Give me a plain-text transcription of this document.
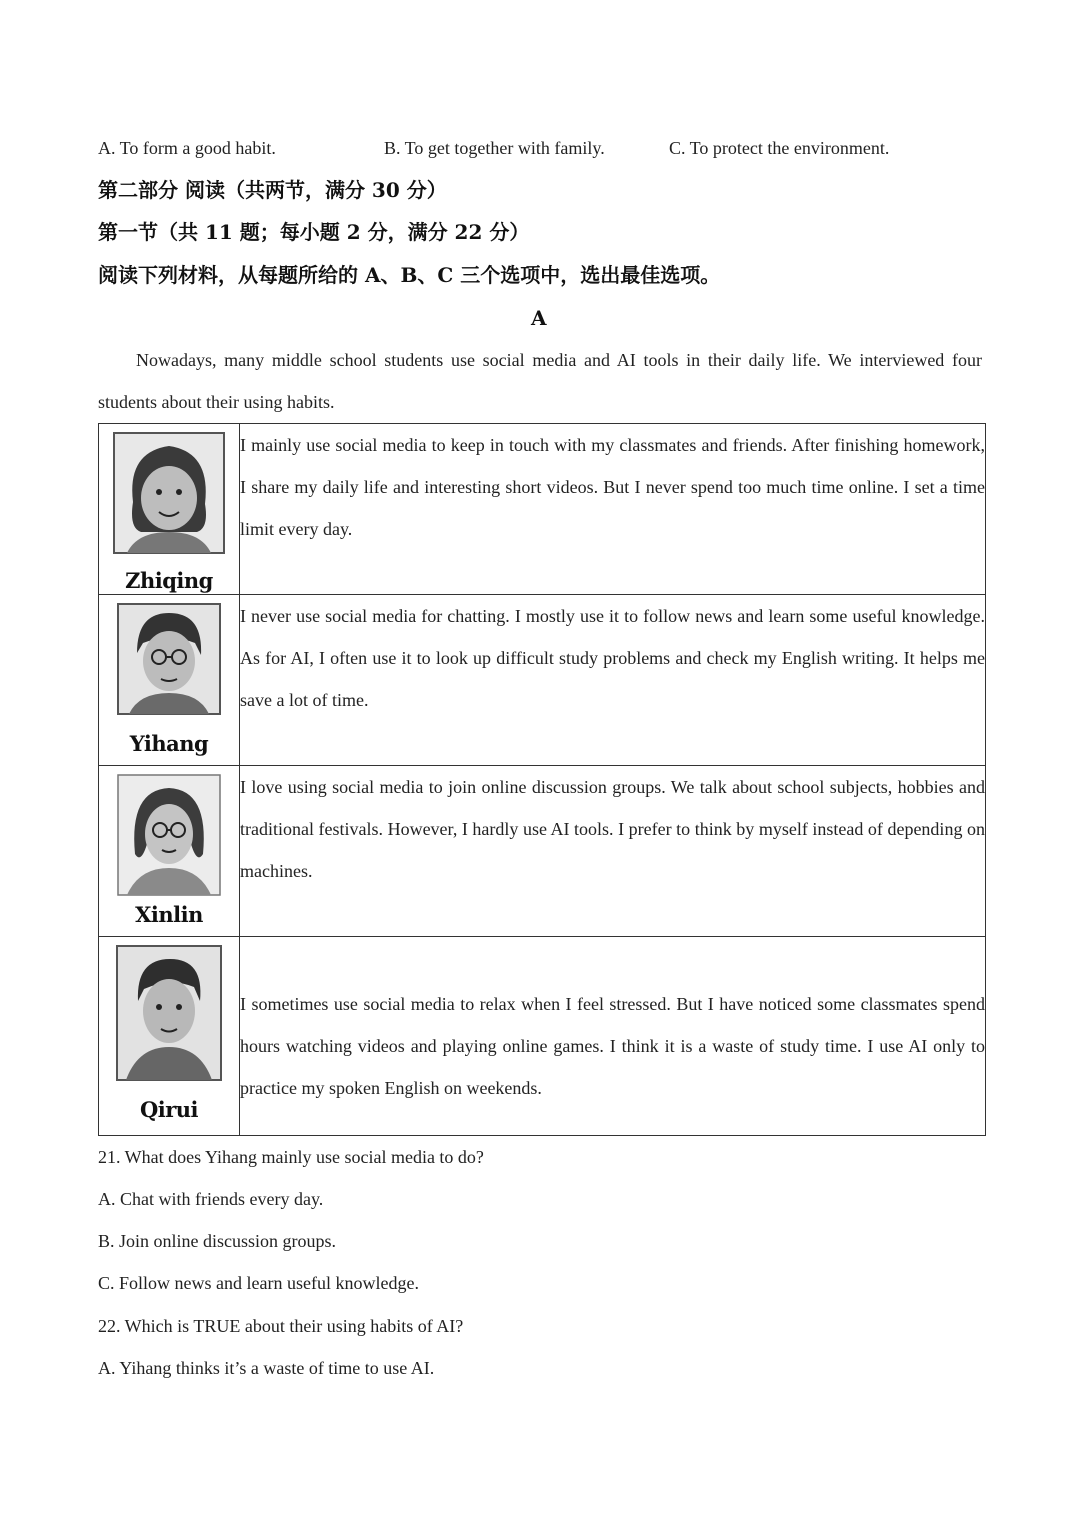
A. To form a good habit.	B. To get together with family.	C. To protect the environment.
第二部分 阅读（共两节，满分 30 分）
第一节（共 11 题；每小题 2 分，满分 22 分）
阅读下列材料，从每题所给的 A、B、C 三个选项中，选出最佳选项。
A
Nowadays, many middle school students use social media and AI tools in their daily life. We interviewed four students about their using habits.
Zhiqing	I mainly use social media to keep in touch with my classmates and friends. After finishing homework, I share my daily life and interesting short videos. But I never spend too much time online. I set a time limit every day.

Yihang	I never use social media for chatting. I mostly use it to follow news and learn some useful knowledge. As for AI, I often use it to look up difficult study problems and check my English writing. It helps me save a lot of time.

Xinlin	I love using social media to join online discussion groups. We talk about school subjects, hobbies and traditional festivals. However, I hardly use AI tools. I prefer to think by myself instead of depending on machines.

Qirui	I sometimes use social media to relax when I feel stressed. But I have noticed some classmates spend hours watching videos and playing online games. I think it is a waste of study time. I use AI only to practice my spoken English on weekends.
21. What does Yihang mainly use social media to do?
A. Chat with friends every day.
B. Join online discussion groups.
C. Follow news and learn useful knowledge.
22. Which is TRUE about their using habits of AI?
A. Yihang thinks it’s a waste of time to use AI.
